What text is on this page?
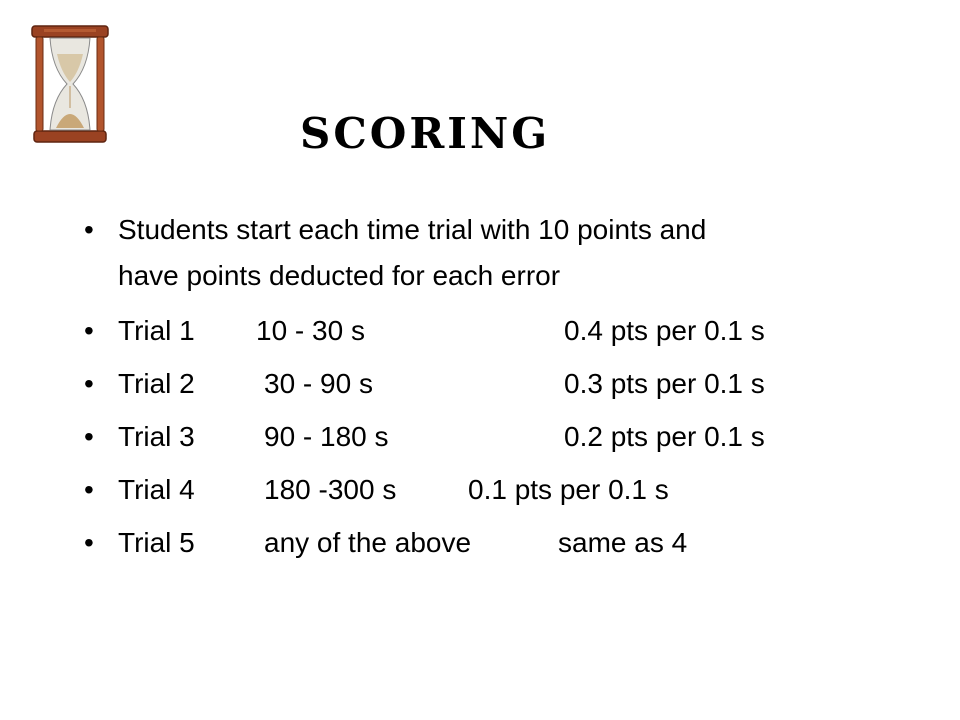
scoring
• Students start each time trial with 10 points and
have points deducted for each error
• Trial 1 10 - 30 s	0.4 pts per 0.1 s
• Trial 2 30 - 90 s	0.3 pts per 0.1 s
• Trial 3 90 - 180 s	0.2 pts per 0.1 s
• Trial 4 180 -300 s	0.1 pts per 0.1 s
• Trial 5 any of the above	same as 4
